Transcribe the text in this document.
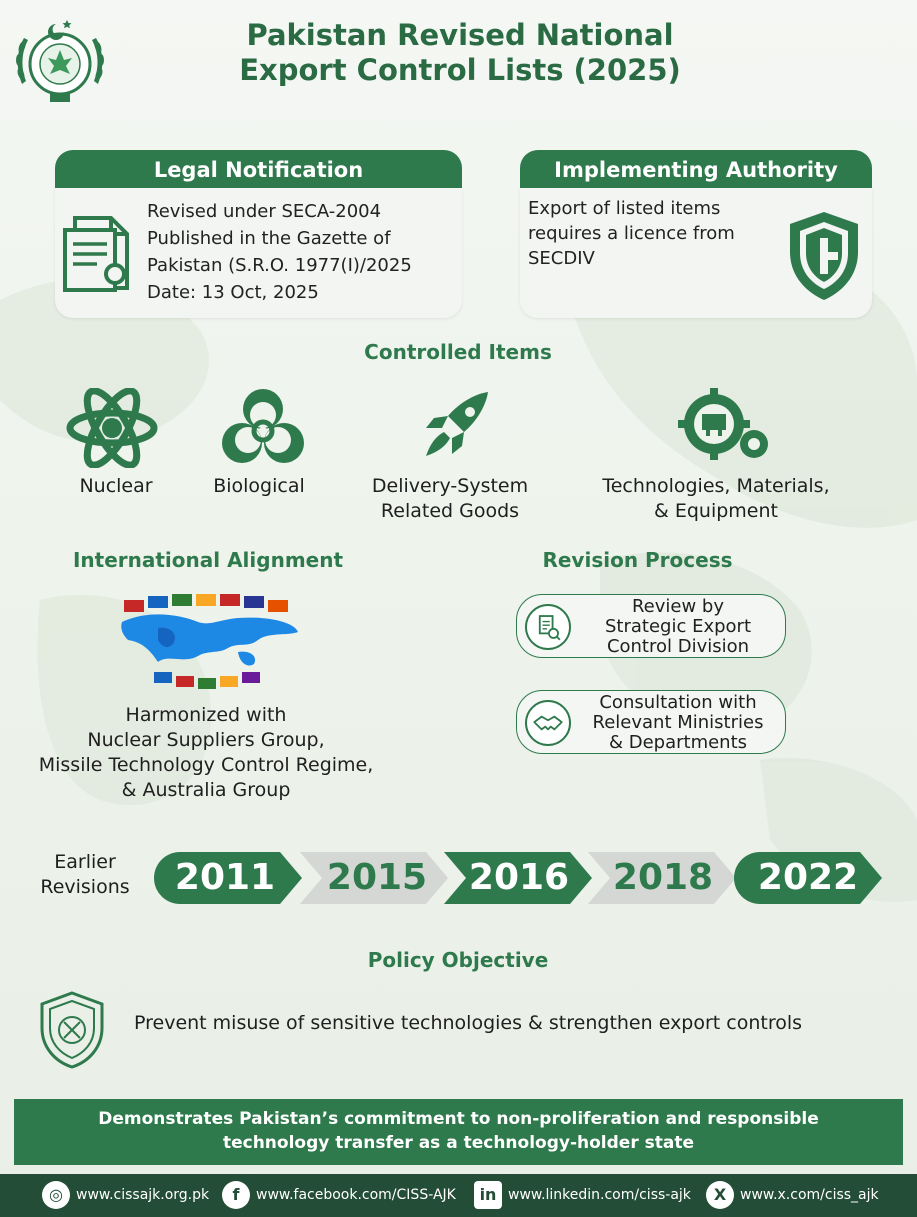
Pakistan Revised National
Export Control Lists (2025)
Legal Notification
Revised under SECA-2004
Published in the Gazette of
Pakistan (S.R.O. 1977(I)/2025
Date: 13 Oct, 2025
Implementing Authority
Export of listed items
requires a licence from
SECDIV
Controlled Items
Nuclear	Biological	Delivery-System
Related Goods
Technologies, Materials,
& Equipment
International Alignment
Harmonized with
Nuclear Suppliers Group,
Missile Technology Control Regime,
& Australia Group
Revision Process
Review by
Strategic Export
Control Division
Consultation with
Relevant Ministries
& Departments
Earlier
Revisions	2011	2015	2016	2018	2022
Policy Objective
Prevent misuse of sensitive technologies & strengthen export controls
Demonstrates Pakistan’s commitment to non-proliferation and responsible
technology transfer as a technology-holder state
◎ www.cissajk.org.pk	f www.facebook.com/CISS-AJK	in www.linkedin.com/ciss-ajk	X www.x.com/ciss_ajk
